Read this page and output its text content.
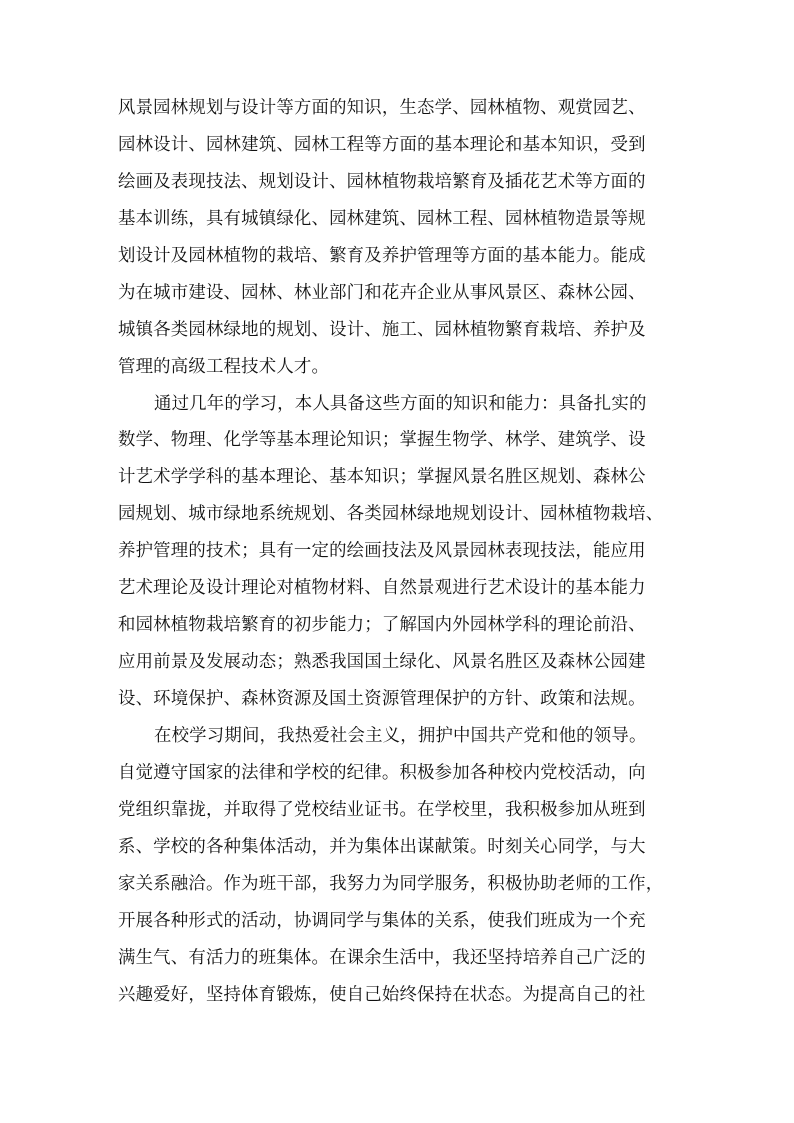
风景园林规划与设计等方面的知识，生态学、园林植物、观赏园艺、
园林设计、园林建筑、园林工程等方面的基本理论和基本知识，受到
绘画及表现技法、规划设计、园林植物栽培繁育及插花艺术等方面的
基本训练，具有城镇绿化、园林建筑、园林工程、园林植物造景等规
划设计及园林植物的栽培、繁育及养护管理等方面的基本能力。能成
为在城市建设、园林、林业部门和花卉企业从事风景区、森林公园、
城镇各类园林绿地的规划、设计、施工、园林植物繁育栽培、养护及
管理的高级工程技术人才。
通过几年的学习，本人具备这些方面的知识和能力：具备扎实的
数学、物理、化学等基本理论知识；掌握生物学、林学、建筑学、设
计艺术学学科的基本理论、基本知识；掌握风景名胜区规划、森林公
园规划、城市绿地系统规划、各类园林绿地规划设计、园林植物栽培、
养护管理的技术；具有一定的绘画技法及风景园林表现技法，能应用
艺术理论及设计理论对植物材料、自然景观进行艺术设计的基本能力
和园林植物栽培繁育的初步能力；了解国内外园林学科的理论前沿、
应用前景及发展动态；熟悉我国国土绿化、风景名胜区及森林公园建
设、环境保护、森林资源及国土资源管理保护的方针、政策和法规。
在校学习期间，我热爱社会主义，拥护中国共产党和他的领导。
自觉遵守国家的法律和学校的纪律。积极参加各种校内党校活动，向
党组织靠拢，并取得了党校结业证书。在学校里，我积极参加从班到
系、学校的各种集体活动，并为集体出谋献策。时刻关心同学，与大
家关系融洽。作为班干部，我努力为同学服务，积极协助老师的工作，
开展各种形式的活动，协调同学与集体的关系，使我们班成为一个充
满生气、有活力的班集体。在课余生活中，我还坚持培养自己广泛的
兴趣爱好，坚持体育锻炼，使自己始终保持在状态。为提高自己的社
